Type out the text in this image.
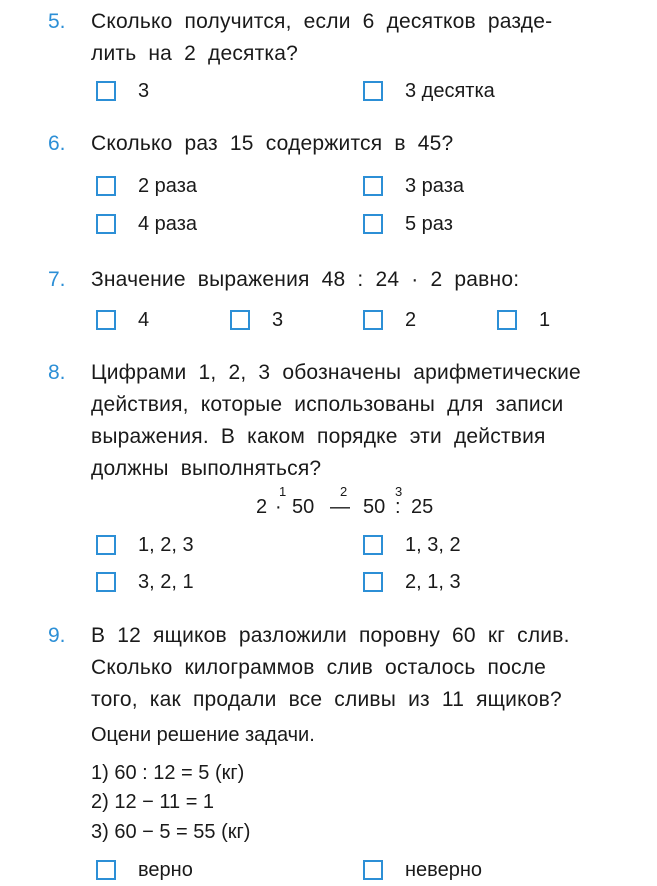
5. Сколько получится, если 6 десятков разде-
лить на 2 десятка?
3	3 десятка
6. Сколько раз 15 содержится в 45?
2 раза	3 раза
4 раза	5 раз
7. Значение выражения 48 : 24 · 2 равно:
4	3	2	1
8. Цифрами 1, 2, 3 обозначены арифметические
действия, которые использованы для записи
выражения. В каком порядке эти действия
должны выполняться?
2
1
· 50
2
— 50
3
: 25
1, 2, 3	1, 3, 2
3, 2, 1	2, 1, 3
9. В 12 ящиков разложили поровну 60 кг слив.
Сколько килограммов слив осталось после
того, как продали все сливы из 11 ящиков?
Оцени решение задачи.
1) 60 : 12 = 5 (кг)
2) 12 − 11 = 1
3) 60 − 5 = 55 (кг)
верно	неверно
